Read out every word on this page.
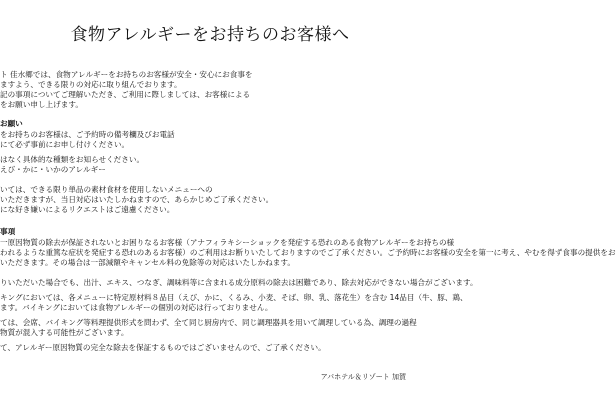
食物アレルギーをお持ちのお客様へ
ト 佳水郷では、食物アレルギーをお持ちのお客様が安全・安心にお食事を
ますよう、できる限りの対応に取り組んでおります。
記の事項についてご理解いただき、ご利用に際しましては、お客様による
をお願い申し上げます。
お願い
をお持ちのお客様は、ご予約時の備考欄及びお電話
にて必ず事前にお申し付けください。
はなく具体的な種類をお知らせください。
えび・かに・いかのアレルギー
いては、できる限り単品の素材食材を使用しないメニューへの
いただきますが、当日対応はいたしかねますので、あらかじめご了承ください。
にな好き嫌いによるリクエストはご遠慮ください。
事項
一原因物質の除去が保証されないとお困りなるお客様（アナフィラキシーショックを発症する恐れのある食物アレルギーをお持ちの様
われるような重篤な症状を発症する恐れのあるお客様）のご利用はお断りいたしておりますのでご了承ください。ご予約時にお客様の安全を第一に考え、やむを得ず食事の提供をお
いただきます。その場合は一部減額やキャンセル料の免除等の対応はいたしかねます。
りいただいた場合でも、出汁、エキス、つなぎ、調味料等に含まれる成分原料の除去は困難であり、除去対応ができない場合がございます。
キングにおいては、各メニューに特定原材料８品目（えび、かに、くるみ、小麦、そば、卵、乳、落花生）を含む 14品目（牛、豚、鶏、
ます。バイキングにおいては食物アレルギーの個別の対応は行っておりません。
ては、会席、バイキング等料理提供形式を問わず、全て同じ厨房内で、同じ調理器具を用いて調理している為、調理の過程
物質が混入する可能性がございます。
て、アレルギー原因物質の完全な除去を保証するものではございませんので、ご了承ください。
アパホテル＆リゾート 加賀
